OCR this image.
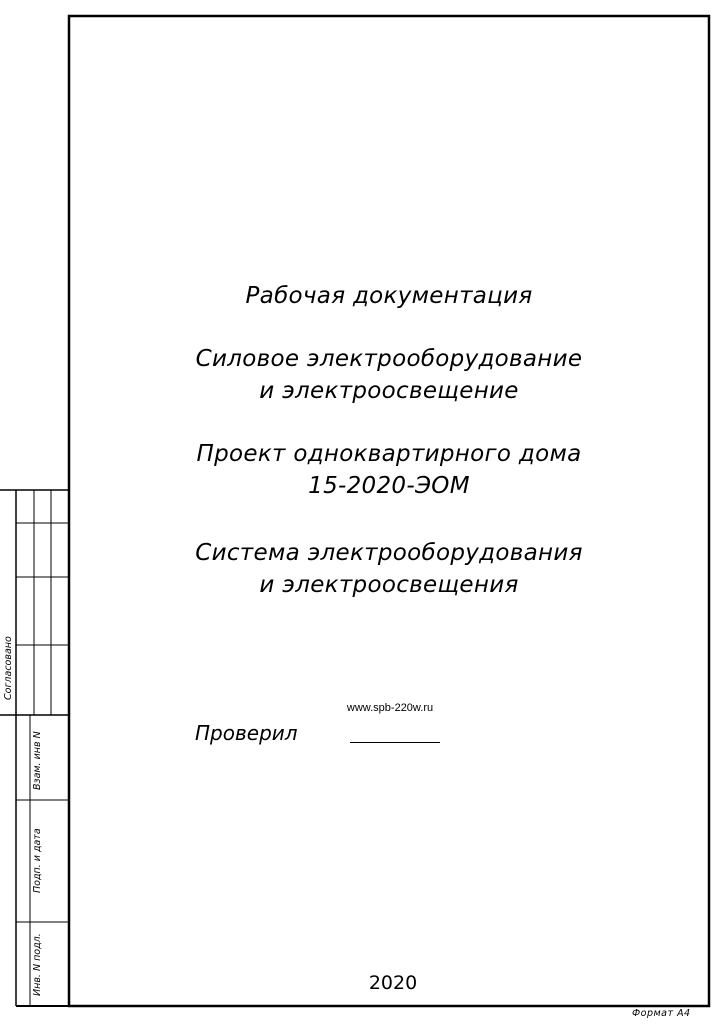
Согласовано
Взам. инв N
Подп. и дата
Инв. N подл.
Рабочая документация
Силовое электрооборудование
и электроосвещение
Проект одноквартирного дома
15-2020-ЭОМ
Система электрооборудования
и электроосвещения
www.spb-220w.ru
Проверил
2020
Формат А4
